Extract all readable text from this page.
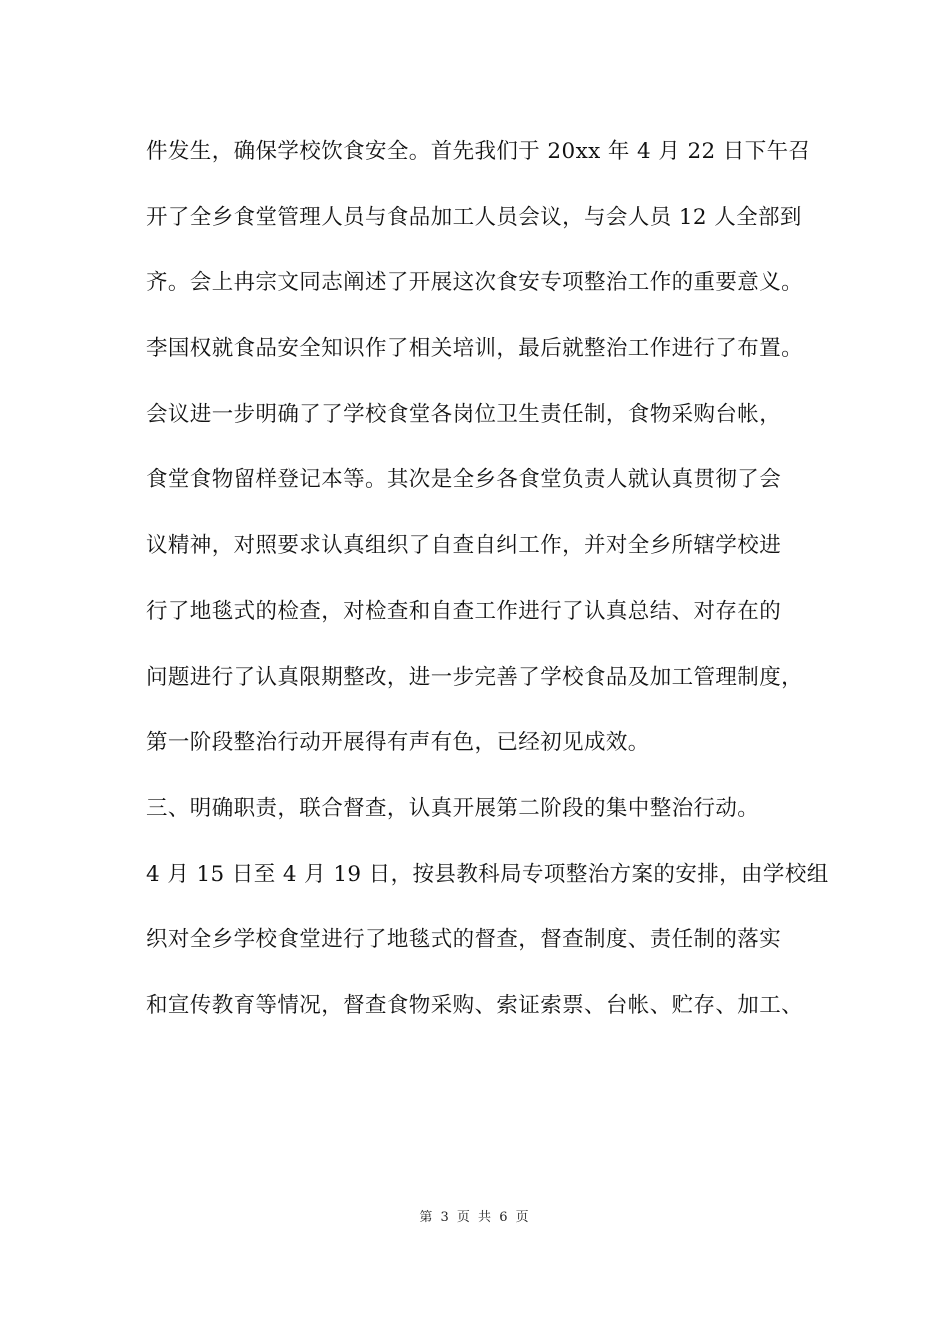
件发生，确保学校饮食安全。首先我们于 20xx 年 4 月 22 日下午召
开了全乡食堂管理人员与食品加工人员会议，与会人员 12 人全部到
齐。会上冉宗文同志阐述了开展这次食安专项整治工作的重要意义。
李国权就食品安全知识作了相关培训，最后就整治工作进行了布置。
会议进一步明确了了学校食堂各岗位卫生责任制，食物采购台帐，
食堂食物留样登记本等。其次是全乡各食堂负责人就认真贯彻了会
议精神，对照要求认真组织了自查自纠工作，并对全乡所辖学校进
行了地毯式的检查，对检查和自查工作进行了认真总结、对存在的
问题进行了认真限期整改，进一步完善了学校食品及加工管理制度，
第一阶段整治行动开展得有声有色，已经初见成效。
三、明确职责，联合督查，认真开展第二阶段的集中整治行动。
4 月 15 日至 4 月 19 日，按县教科局专项整治方案的安排，由学校组
织对全乡学校食堂进行了地毯式的督查，督查制度、责任制的落实
和宣传教育等情况，督查食物采购、索证索票、台帐、贮存、加工、
第 3 页 共 6 页
